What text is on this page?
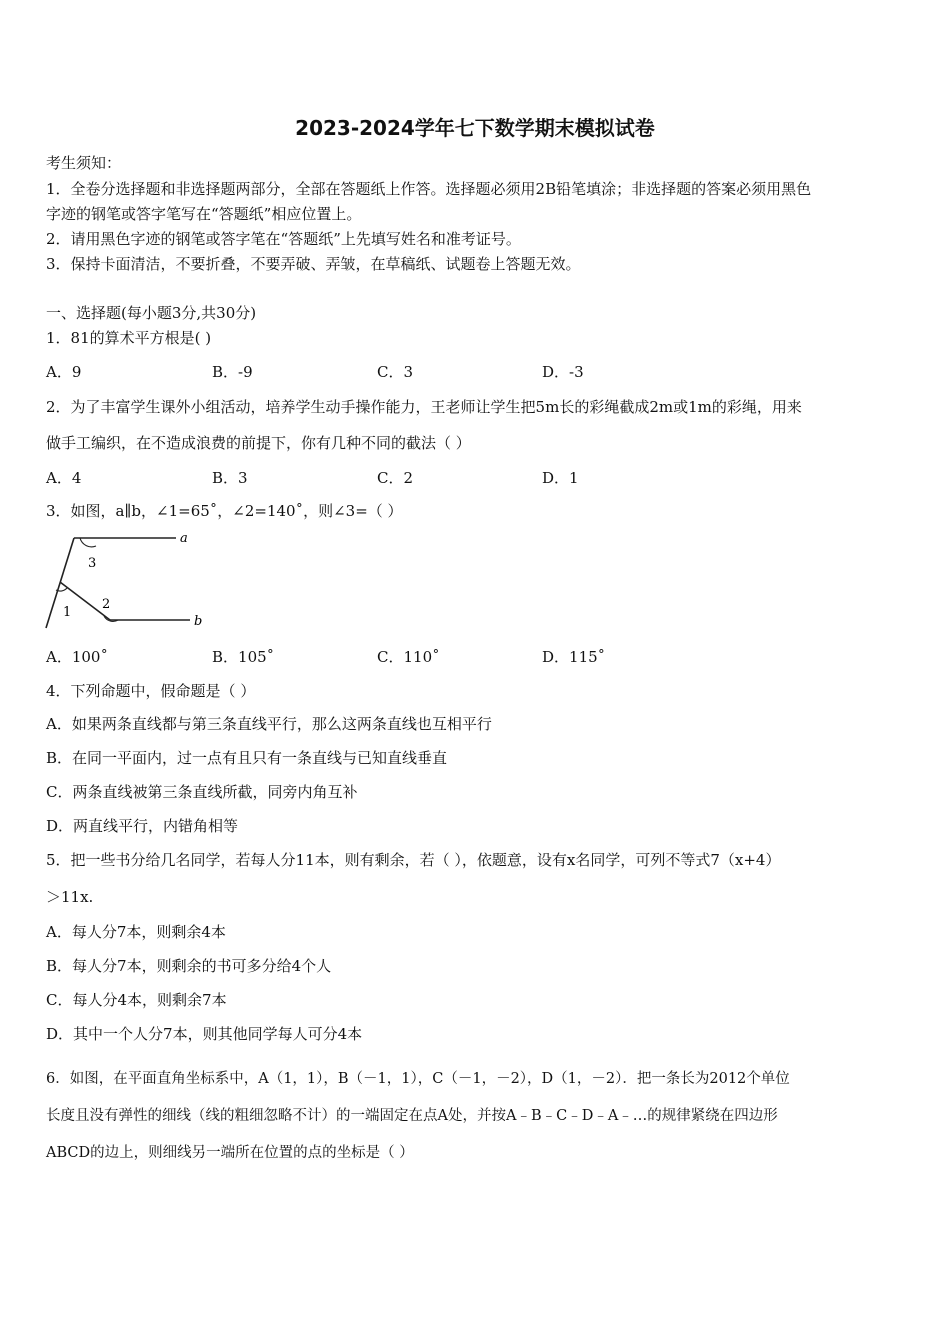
2023-2024学年七下数学期末模拟试卷
考生须知：
1．全卷分选择题和非选择题两部分，全部在答题纸上作答。选择题必须用2B铅笔填涂；非选择题的答案必须用黑色
字迹的钢笔或答字笔写在“答题纸”相应位置上。
2．请用黑色字迹的钢笔或答字笔在“答题纸”上先填写姓名和准考证号。
3．保持卡面清洁，不要折叠，不要弄破、弄皱，在草稿纸、试题卷上答题无效。
一、选择题(每小题3分,共30分)
1．81的算术平方根是( )
A．9	B．-9	C．3	D．-3
2．为了丰富学生课外小组活动，培养学生动手操作能力，王老师让学生把5m长的彩绳截成2m或1m的彩绳，用来
做手工编织，在不造成浪费的前提下，你有几种不同的截法（ ）
A．4	B．3	C．2	D．1
3．如图，a∥b，∠1=65˚，∠2=140˚，则∠3=（ ）
a
b
3
1
2
A．100˚	B．105˚	C．110˚	D．115˚
4．下列命题中，假命题是（ ）
A．如果两条直线都与第三条直线平行，那么这两条直线也互相平行
B．在同一平面内，过一点有且只有一条直线与已知直线垂直
C．两条直线被第三条直线所截，同旁内角互补
D．两直线平行，内错角相等
5．把一些书分给几名同学，若每人分11本，则有剩余，若（ ），依题意，设有x名同学，可列不等式7（x+4）
＞11x.
A．每人分7本，则剩余4本
B．每人分7本，则剩余的书可多分给4个人
C．每人分4本，则剩余7本
D．其中一个人分7本，则其他同学每人可分4本
6．如图，在平面直角坐标系中，A（1，1），B（－1，1），C（－1，－2），D（1，－2）．把一条长为2012个单位
长度且没有弹性的细线（线的粗细忽略不计）的一端固定在点A处，并按A﹣B﹣C﹣D﹣A﹣…的规律紧绕在四边形
ABCD的边上，则细线另一端所在位置的点的坐标是（ ）
